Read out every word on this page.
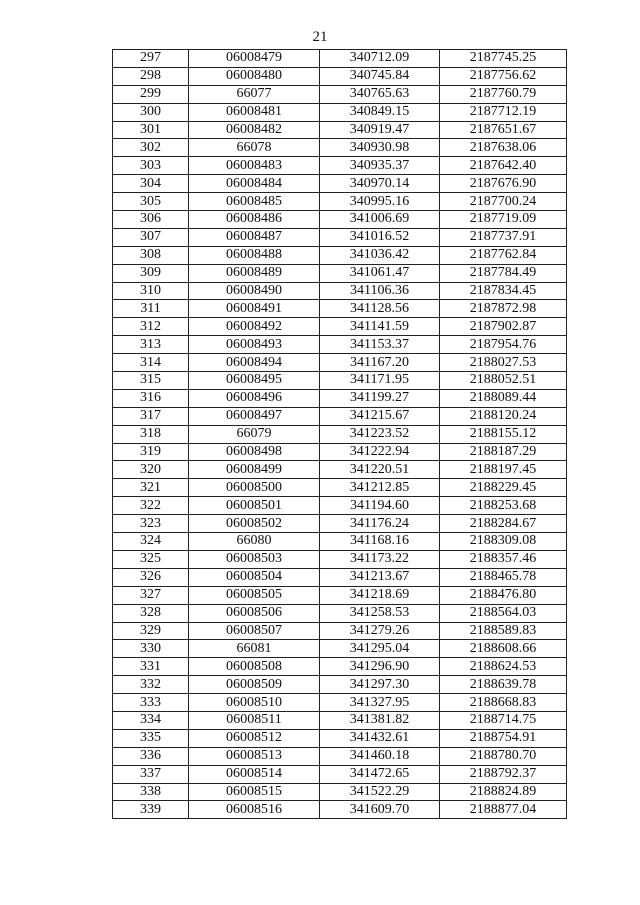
21
297	06008479	340712.09	2187745.25
298	06008480	340745.84	2187756.62
299	66077	340765.63	2187760.79
300	06008481	340849.15	2187712.19
301	06008482	340919.47	2187651.67
302	66078	340930.98	2187638.06
303	06008483	340935.37	2187642.40
304	06008484	340970.14	2187676.90
305	06008485	340995.16	2187700.24
306	06008486	341006.69	2187719.09
307	06008487	341016.52	2187737.91
308	06008488	341036.42	2187762.84
309	06008489	341061.47	2187784.49
310	06008490	341106.36	2187834.45
311	06008491	341128.56	2187872.98
312	06008492	341141.59	2187902.87
313	06008493	341153.37	2187954.76
314	06008494	341167.20	2188027.53
315	06008495	341171.95	2188052.51
316	06008496	341199.27	2188089.44
317	06008497	341215.67	2188120.24
318	66079	341223.52	2188155.12
319	06008498	341222.94	2188187.29
320	06008499	341220.51	2188197.45
321	06008500	341212.85	2188229.45
322	06008501	341194.60	2188253.68
323	06008502	341176.24	2188284.67
324	66080	341168.16	2188309.08
325	06008503	341173.22	2188357.46
326	06008504	341213.67	2188465.78
327	06008505	341218.69	2188476.80
328	06008506	341258.53	2188564.03
329	06008507	341279.26	2188589.83
330	66081	341295.04	2188608.66
331	06008508	341296.90	2188624.53
332	06008509	341297.30	2188639.78
333	06008510	341327.95	2188668.83
334	06008511	341381.82	2188714.75
335	06008512	341432.61	2188754.91
336	06008513	341460.18	2188780.70
337	06008514	341472.65	2188792.37
338	06008515	341522.29	2188824.89
339	06008516	341609.70	2188877.04
